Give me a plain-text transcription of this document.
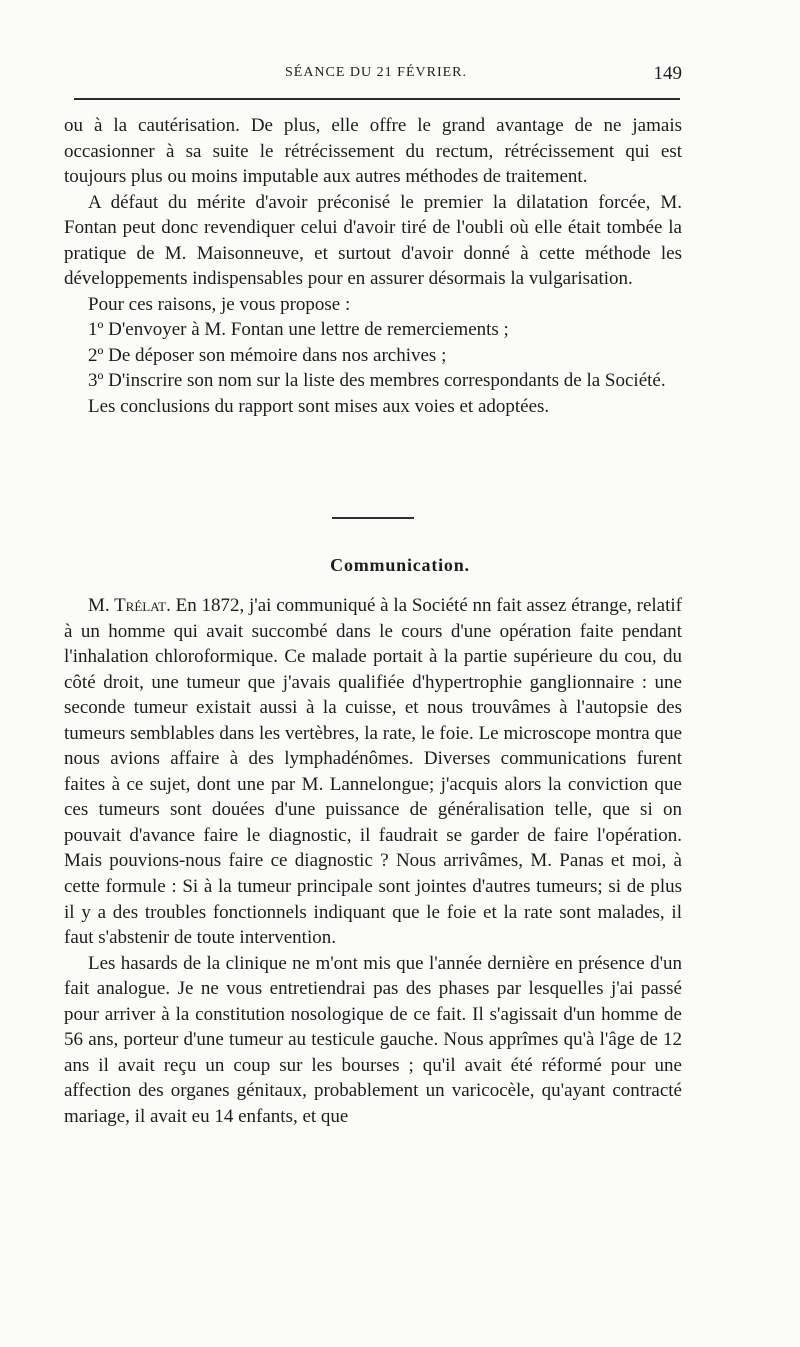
SÉANCE DU 21 FÉVRIER.	149

ou à la cautérisation. De plus, elle offre le grand avantage de ne jamais occasionner à sa suite le rétrécissement du rectum, rétrécissement qui est toujours plus ou moins imputable aux autres méthodes de traitement.

A défaut du mérite d'avoir préconisé le premier la dilatation forcée, M. Fontan peut donc revendiquer celui d'avoir tiré de l'oubli où elle était tombée la pratique de M. Maisonneuve, et surtout d'avoir donné à cette méthode les développements indispensables pour en assurer désormais la vulgarisation.

Pour ces raisons, je vous propose :

1º D'envoyer à M. Fontan une lettre de remerciements ;

2º De déposer son mémoire dans nos archives ;

3º D'inscrire son nom sur la liste des membres correspondants de la Société.

Les conclusions du rapport sont mises aux voies et adoptées.

Communication.

M. Trélat. En 1872, j'ai communiqué à la Société nn fait assez étrange, relatif à un homme qui avait succombé dans le cours d'une opération faite pendant l'inhalation chloroformique. Ce malade portait à la partie supérieure du cou, du côté droit, une tumeur que j'avais qualifiée d'hypertrophie ganglionnaire : une seconde tumeur existait aussi à la cuisse, et nous trouvâmes à l'autopsie des tumeurs semblables dans les vertèbres, la rate, le foie. Le microscope montra que nous avions affaire à des lymphadénômes. Diverses communications furent faites à ce sujet, dont une par M. Lannelongue; j'acquis alors la conviction que ces tumeurs sont douées d'une puissance de généralisation telle, que si on pouvait d'avance faire le diagnostic, il faudrait se garder de faire l'opération. Mais pouvions-nous faire ce diagnostic ? Nous arrivâmes, M. Panas et moi, à cette formule : Si à la tumeur principale sont jointes d'autres tumeurs; si de plus il y a des troubles fonctionnels indiquant que le foie et la rate sont malades, il faut s'abstenir de toute intervention.

Les hasards de la clinique ne m'ont mis que l'année dernière en présence d'un fait analogue. Je ne vous entretiendrai pas des phases par lesquelles j'ai passé pour arriver à la constitution nosologique de ce fait. Il s'agissait d'un homme de 56 ans, porteur d'une tumeur au testicule gauche. Nous apprîmes qu'à l'âge de 12 ans il avait reçu un coup sur les bourses ; qu'il avait été réformé pour une affection des organes génitaux, probablement un varicocèle, qu'ayant contracté mariage, il avait eu 14 enfants, et que
